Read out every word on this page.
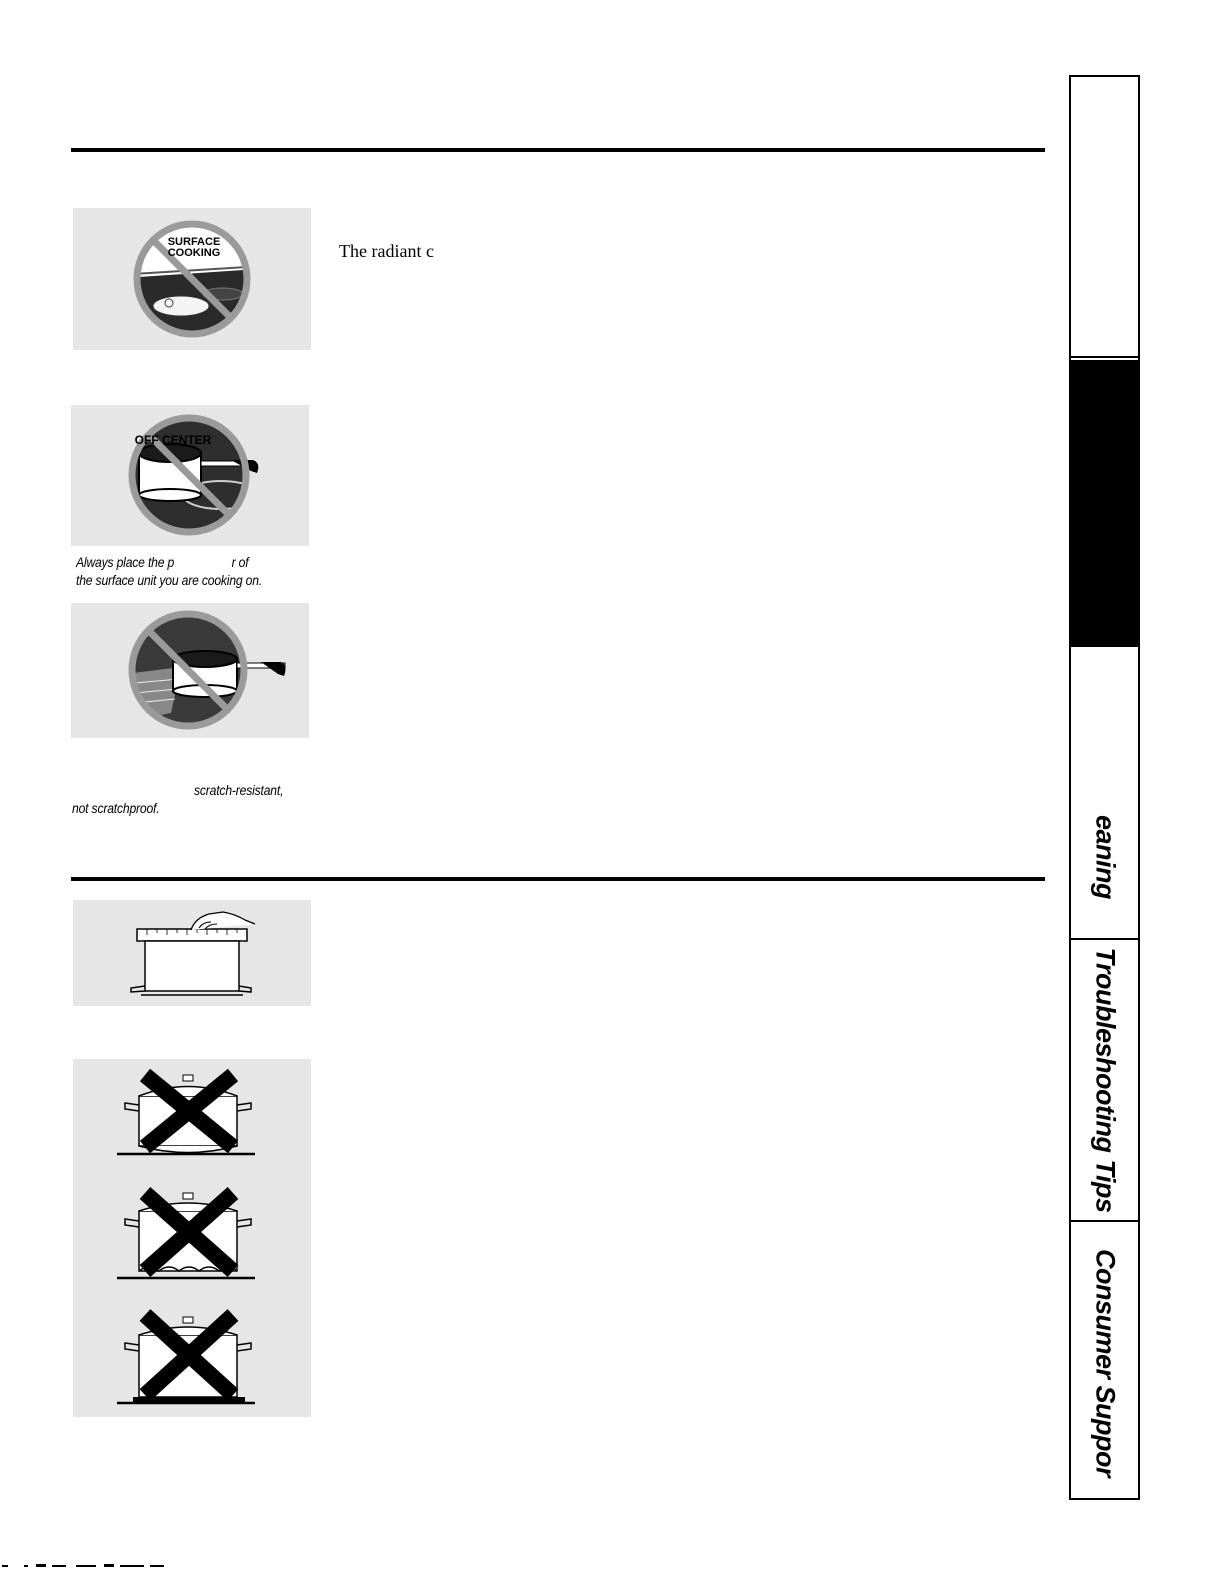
SURFACE
COOKING	The radiant c
OFF CENTER
Always place the p                  r of
the surface unit you are cooking on.
scratch-resistant,
not scratchproof.
eaning
Troubleshooting Tips
Consumer Suppor
